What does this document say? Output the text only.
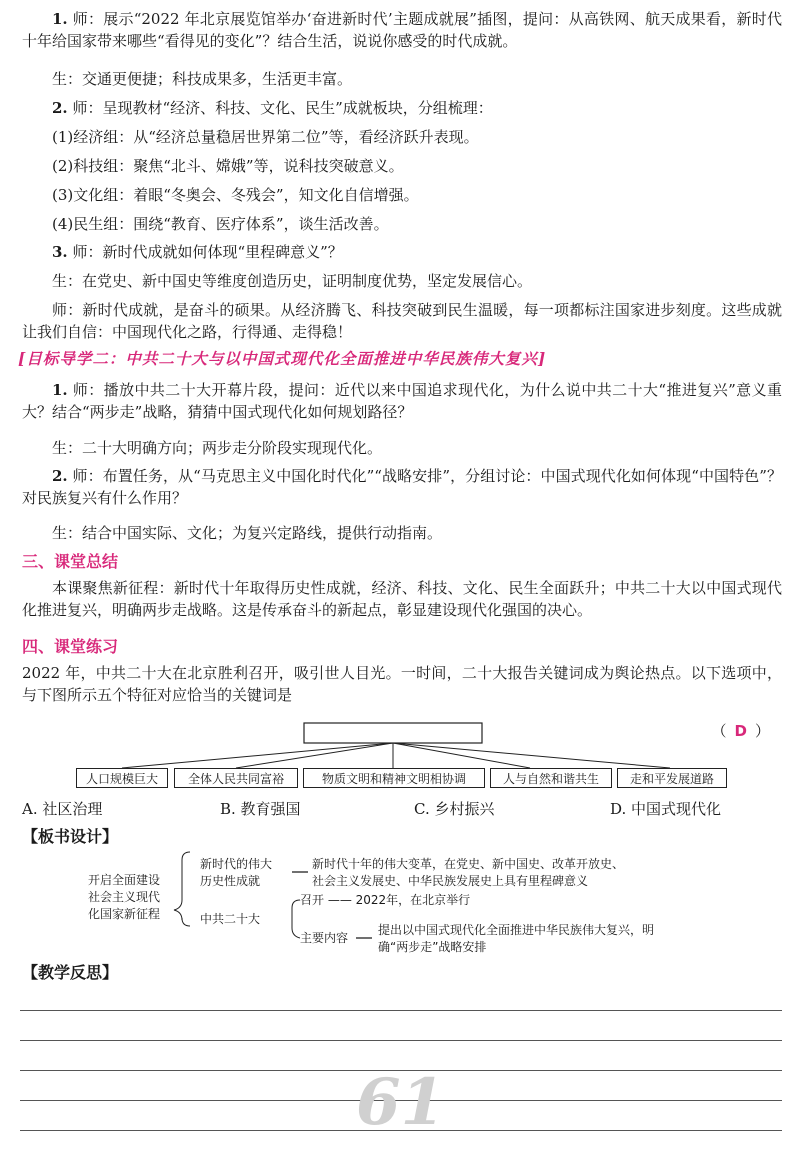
1. 师：展示“2022 年北京展览馆举办‘奋进新时代’主题成就展”插图，提问：从高铁网、航天成果看，新时代十年给国家带来哪些“看得见的变化”？结合生活，说说你感受的时代成就。

生：交通更便捷；科技成果多，生活更丰富。

2. 师：呈现教材“经济、科技、文化、民生”成就板块，分组梳理：

(1)经济组：从“经济总量稳居世界第二位”等，看经济跃升表现。

(2)科技组：聚焦“北斗、嫦娥”等，说科技突破意义。

(3)文化组：着眼“冬奥会、冬残会”，知文化自信增强。

(4)民生组：围绕“教育、医疗体系”，谈生活改善。

3. 师：新时代成就如何体现“里程碑意义”？

生：在党史、新中国史等维度创造历史，证明制度优势，坚定发展信心。

师：新时代成就，是奋斗的硕果。从经济腾飞、科技突破到民生温暖，每一项都标注国家进步刻度。这些成就让我们自信：中国现代化之路，行得通、走得稳！

[目标导学二：中共二十大与以中国式现代化全面推进中华民族伟大复兴]

1. 师：播放中共二十大开幕片段，提问：近代以来中国追求现代化，为什么说中共二十大“推进复兴”意义重大？结合“两步走”战略，猜猜中国式现代化如何规划路径？

生：二十大明确方向；两步走分阶段实现现代化。

2. 师：布置任务，从“马克思主义中国化时代化”“战略安排”，分组讨论：中国式现代化如何体现“中国特色”？对民族复兴有什么作用？

生：结合中国实际、文化；为复兴定路线，提供行动指南。

三、课堂总结

本课聚焦新征程：新时代十年取得历史性成就，经济、科技、文化、民生全面跃升；中共二十大以中国式现代化推进复兴，明确两步走战略。这是传承奋斗的新起点，彰显建设现代化强国的决心。

四、课堂练习

2022 年，中共二十大在北京胜利召开，吸引世人目光。一时间，二十大报告关键词成为舆论热点。以下选项中，与下图所示五个特征对应恰当的关键词是

（ D ）
人口规模巨大	全体人民共同富裕	物质文明和精神文明相协调	人与自然和谐共生	走和平发展道路
A. 社区治理	B. 教育强国	C. 乡村振兴	D. 中国式现代化
【板书设计】
开启全面建设
社会主义现代
化国家新征程
新时代的伟大
历史性成就
新时代十年的伟大变革，在党史、新中国史、改革开放史、
社会主义发展史、中华民族发展史上具有里程碑意义
中共二十大
召开 —— 2022年，在北京举行
主要内容
提出以中国式现代化全面推进中华民族伟大复兴，明
确“两步走”战略安排
【教学反思】
61
